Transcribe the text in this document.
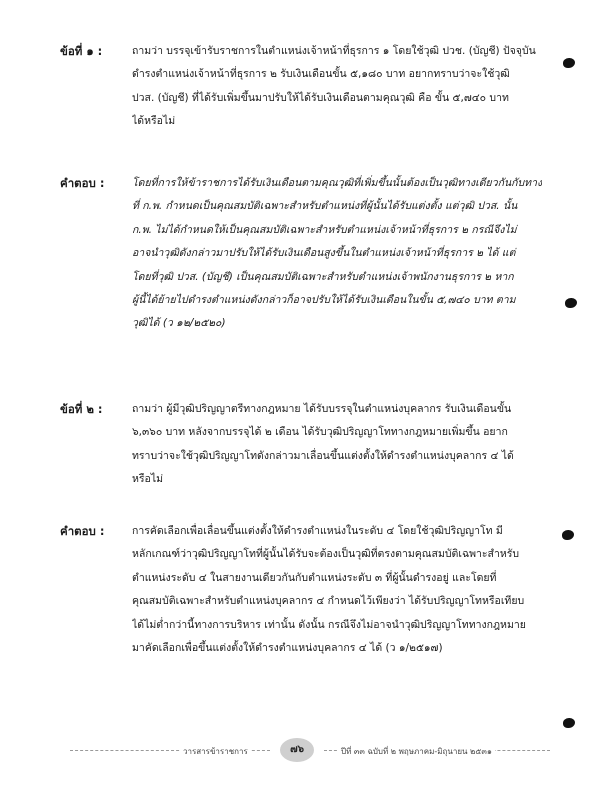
ข้อที่ ๑ :	ถามว่า บรรจุเข้ารับราชการในตำแหน่งเจ้าหน้าที่ธุรการ ๑ โดยใช้วุฒิ ปวช. (บัญชี) ปัจจุบัน

ดำรงตำแหน่งเจ้าหน้าที่ธุรการ ๒ รับเงินเดือนขั้น ๕,๑๘๐ บาท อยากทราบว่าจะใช้วุฒิ

ปวส. (บัญชี) ที่ได้รับเพิ่มขึ้นมาปรับให้ได้รับเงินเดือนตามคุณวุฒิ คือ ขั้น ๕,๗๔๐ บาท

ได้หรือไม่

คำตอบ :	โดยที่การให้ข้าราชการได้รับเงินเดือนตามคุณวุฒิที่เพิ่มขึ้นนั้นต้องเป็นวุฒิทางเดียวกันกับทาง

ที่ ก.พ. กำหนดเป็นคุณสมบัติเฉพาะสำหรับตำแหน่งที่ผู้นั้นได้รับแต่งตั้ง แต่วุฒิ ปวส. นั้น

ก.พ. ไม่ได้กำหนดให้เป็นคุณสมบัติเฉพาะสำหรับตำแหน่งเจ้าหน้าที่ธุรการ ๒ กรณีจึงไม่

อาจนำวุฒิดังกล่าวมาปรับให้ได้รับเงินเดือนสูงขึ้นในตำแหน่งเจ้าหน้าที่ธุรการ ๒ ได้ แต่

โดยที่วุฒิ ปวส. (บัญชี) เป็นคุณสมบัติเฉพาะสำหรับตำแหน่งเจ้าพนักงานธุรการ ๒ หาก

ผู้นี้ได้ย้ายไปดำรงตำแหน่งดังกล่าวก็อาจปรับให้ได้รับเงินเดือนในขั้น ๕,๗๔๐ บาท ตาม

วุฒิได้ (ว ๑๒/๒๕๒๐)

ข้อที่ ๒ :	ถามว่า ผู้มีวุฒิปริญญาตรีทางกฎหมาย ได้รับบรรจุในตำแหน่งบุคลากร รับเงินเดือนขั้น

๖,๓๖๐ บาท หลังจากบรรจุได้ ๒ เดือน ได้รับวุฒิปริญญาโททางกฎหมายเพิ่มขึ้น อยาก

ทราบว่าจะใช้วุฒิปริญญาโทดังกล่าวมาเลื่อนขึ้นแต่งตั้งให้ดำรงตำแหน่งบุคลากร ๔ ได้

หรือไม่

คำตอบ :	การคัดเลือกเพื่อเลื่อนขึ้นแต่งตั้งให้ดำรงตำแหน่งในระดับ ๔ โดยใช้วุฒิปริญญาโท มี

หลักเกณฑ์ว่าวุฒิปริญญาโทที่ผู้นั้นได้รับจะต้องเป็นวุฒิที่ตรงตามคุณสมบัติเฉพาะสำหรับ

ตำแหน่งระดับ ๔ ในสายงานเดียวกันกับตำแหน่งระดับ ๓ ที่ผู้นั้นดำรงอยู่ และโดยที่

คุณสมบัติเฉพาะสำหรับตำแหน่งบุคลากร ๔ กำหนดไว้เพียงว่า ได้รับปริญญาโทหรือเทียบ

ได้ไม่ต่ำกว่านี้ทางการบริหาร เท่านั้น ดังนั้น กรณีจึงไม่อาจนำวุฒิปริญญาโททางกฎหมาย

มาคัดเลือกเพื่อขึ้นแต่งตั้งให้ดำรงตำแหน่งบุคลากร ๔ ได้ (ว ๑/๒๕๑๗)

วารสารข้าราชการ	๗๖	ปีที่ ๓๓ ฉบับที่ ๒ พฤษภาคม-มิถุนายน ๒๕๓๑
